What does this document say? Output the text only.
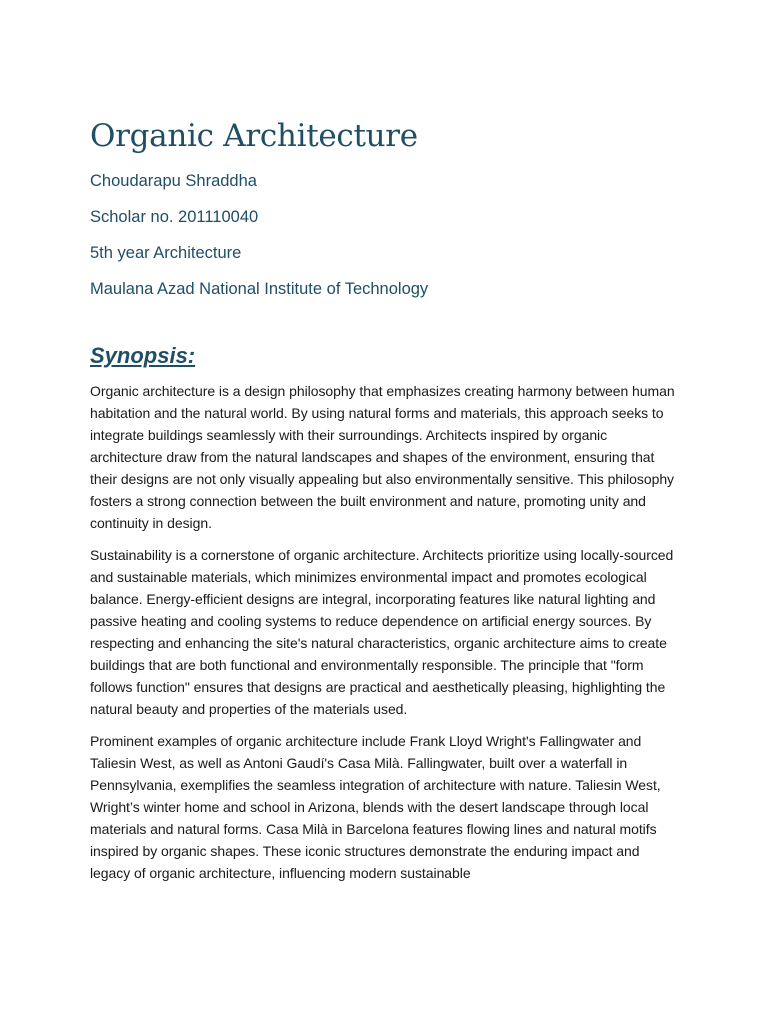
Organic Architecture

Choudarapu Shraddha

Scholar no. 201110040

5th year Architecture

Maulana Azad National Institute of Technology

Synopsis:

Organic architecture is a design philosophy that emphasizes creating harmony between human habitation and the natural world. By using natural forms and materials, this approach seeks to integrate buildings seamlessly with their surroundings. Architects inspired by organic architecture draw from the natural landscapes and shapes of the environment, ensuring that their designs are not only visually appealing but also environmentally sensitive. This philosophy fosters a strong connection between the built environment and nature, promoting unity and continuity in design.

Sustainability is a cornerstone of organic architecture. Architects prioritize using locally-sourced and sustainable materials, which minimizes environmental impact and promotes ecological balance. Energy-efficient designs are integral, incorporating features like natural lighting and passive heating and cooling systems to reduce dependence on artificial energy sources. By respecting and enhancing the site's natural characteristics, organic architecture aims to create buildings that are both functional and environmentally responsible. The principle that "form follows function" ensures that designs are practical and aesthetically pleasing, highlighting the natural beauty and properties of the materials used.

Prominent examples of organic architecture include Frank Lloyd Wright's Fallingwater and Taliesin West, as well as Antoni Gaudí's Casa Milà. Fallingwater, built over a waterfall in Pennsylvania, exemplifies the seamless integration of architecture with nature. Taliesin West, Wright’s winter home and school in Arizona, blends with the desert landscape through local materials and natural forms. Casa Milà in Barcelona features flowing lines and natural motifs inspired by organic shapes. These iconic structures demonstrate the enduring impact and legacy of organic architecture, influencing modern sustainable
